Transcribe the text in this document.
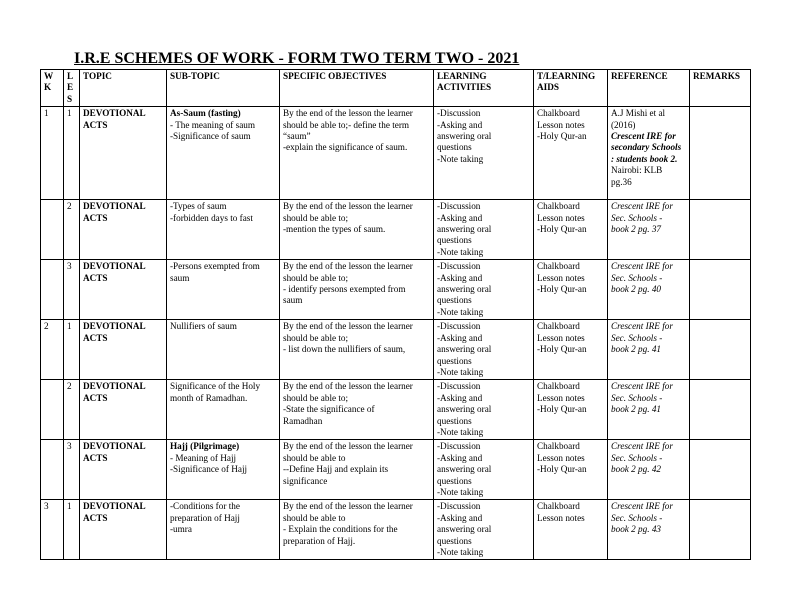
I.R.E SCHEMES OF WORK - FORM TWO TERM TWO - 2021
W
K	L
E
S	TOPIC	SUB-TOPIC	SPECIFIC OBJECTIVES	LEARNING
ACTIVITIES	T/LEARNING
AIDS	REFERENCE	REMARKS
1	1	DEVOTIONAL
ACTS	As-Saum (fasting)
- The meaning of saum
-Significance of saum	By the end of the lesson the learner
should be able to;- define the term
“saum”
-explain the significance of saum.	-Discussion
-Asking and
answering oral
questions
-Note taking	Chalkboard
Lesson notes
-Holy Qur-an	A.J Mishi et al
(2016)
Crescent IRE for secondary Schools : students book 2.
Nairobi: KLB
pg.36	

	2	DEVOTIONAL
ACTS	-Types of saum
-forbidden days to fast	By the end of the lesson the learner
should be able to;
-mention the types of saum.	-Discussion
-Asking and
answering oral
questions
-Note taking	Chalkboard
Lesson notes
-Holy Qur-an	Crescent IRE for
Sec. Schools -
book 2 pg. 37	

	3	DEVOTIONAL
ACTS	-Persons exempted from
saum	By the end of the lesson the learner
should be able to;
- identify persons exempted from
saum	-Discussion
-Asking and
answering oral
questions
-Note taking	Chalkboard
Lesson notes
-Holy Qur-an	Crescent IRE for
Sec. Schools -
book 2 pg. 40	

2	1	DEVOTIONAL
ACTS	Nullifiers of saum	By the end of the lesson the learner
should be able to;
- list down the nullifiers of saum,	-Discussion
-Asking and
answering oral
questions
-Note taking	Chalkboard
Lesson notes
-Holy Qur-an	Crescent IRE for
Sec. Schools -
book 2 pg. 41	

	2	DEVOTIONAL
ACTS	Significance of the Holy
month of Ramadhan.	By the end of the lesson the learner
should be able to;
-State the significance of
Ramadhan	-Discussion
-Asking and
answering oral
questions
-Note taking	Chalkboard
Lesson notes
-Holy Qur-an	Crescent IRE for
Sec. Schools -
book 2 pg. 41	

	3	DEVOTIONAL
ACTS	Hajj (Pilgrimage)
- Meaning of Hajj
-Significance of Hajj	By the end of the lesson the learner
should be able to
--Define Hajj and explain its
significance	-Discussion
-Asking and
answering oral
questions
-Note taking	Chalkboard
Lesson notes
-Holy Qur-an	Crescent IRE for
Sec. Schools -
book 2 pg. 42	

3	1	DEVOTIONAL
ACTS	-Conditions for the
preparation of Hajj
-umra	By the end of the lesson the learner
should be able to
- Explain the conditions for the
preparation of Hajj.	-Discussion
-Asking and
answering oral
questions
-Note taking	Chalkboard
Lesson notes	Crescent IRE for
Sec. Schools -
book 2 pg. 43	
